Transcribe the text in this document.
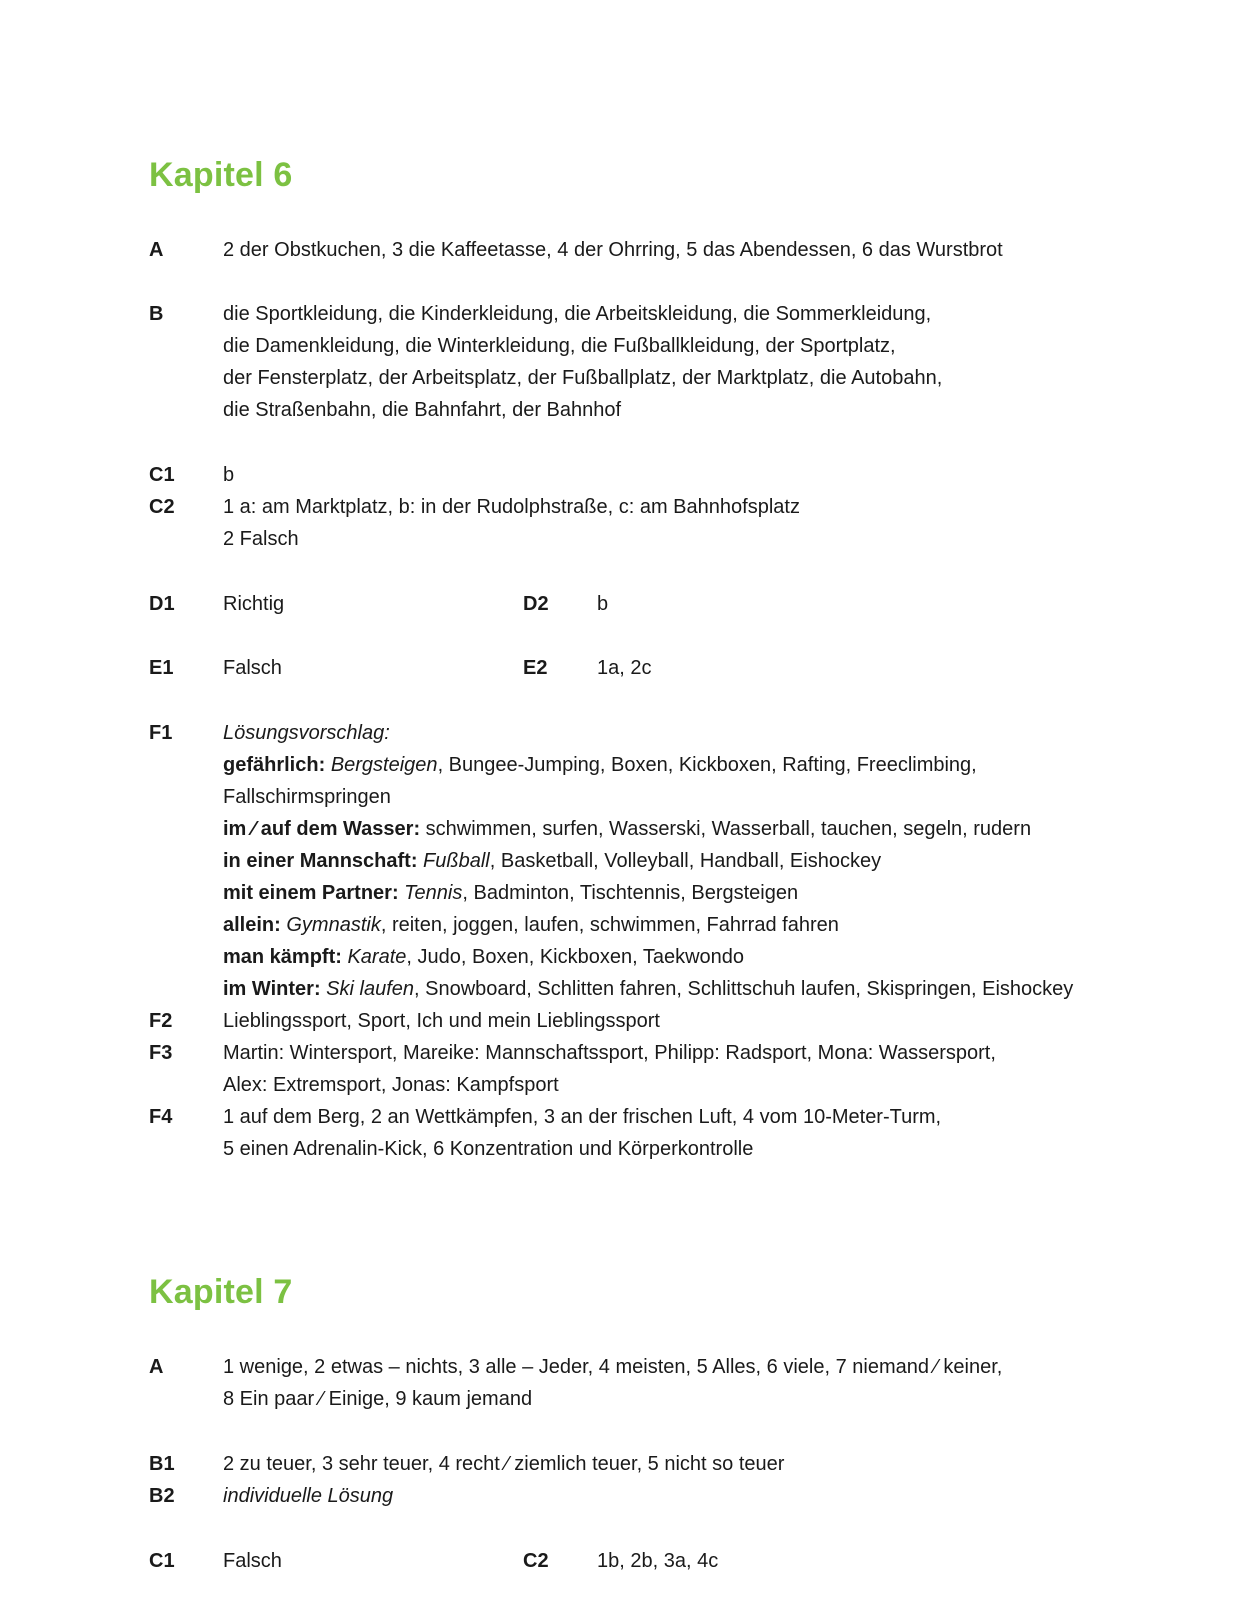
Kapitel 6
A	2 der Obstkuchen, 3 die Kaffeetasse, 4 der Ohrring, 5 das Abendessen, 6 das Wurstbrot
B	die Sportkleidung, die Kinderkleidung, die Arbeitskleidung, die Sommerkleidung,
die Damenkleidung, die Winterkleidung, die Fußballkleidung, der Sportplatz,
der Fensterplatz, der Arbeitsplatz, der Fußballplatz, der Marktplatz, die Autobahn,
die Straßenbahn, die Bahnfahrt, der Bahnhof
C1 b
C2 1 a: am Marktplatz, b: in der Rudolphstraße, c: am Bahnhofsplatz
2 Falsch
D1 Richtig	D2 b
E1 Falsch	E2 1a, 2c
F1	Lösungsvorschlag:
gefährlich: Bergsteigen, Bungee-Jumping, Boxen, Kickboxen, Rafting, Freeclimbing,
Fallschirmspringen
im ⁄ auf dem Wasser: schwimmen, surfen, Wasserski, Wasserball, tauchen, segeln, rudern
in einer Mannschaft: Fußball, Basketball, Volleyball, Handball, Eishockey
mit einem Partner: Tennis, Badminton, Tischtennis, Bergsteigen
allein: Gymnastik, reiten, joggen, laufen, schwimmen, Fahrrad fahren
man kämpft: Karate, Judo, Boxen, Kickboxen, Taekwondo
im Winter: Ski laufen, Snowboard, Schlitten fahren, Schlittschuh laufen, Skispringen, Eishockey
F2	Lieblingssport, Sport, Ich und mein Lieblingssport
F3	Martin: Wintersport, Mareike: Mannschaftssport, Philipp: Radsport, Mona: Wassersport,
Alex: Extremsport, Jonas: Kampfsport
F4	1 auf dem Berg, 2 an Wettkämpfen, 3 an der frischen Luft, 4 vom 10-Meter-Turm,
5 einen Adrenalin-Kick, 6 Konzentration und Körperkontrolle
Kapitel 7
A	1 wenige, 2 etwas – nichts, 3 alle – Jeder, 4 meisten, 5 Alles, 6 viele, 7 niemand ⁄ keiner,
8 Ein paar ⁄ Einige, 9 kaum jemand
B1 2 zu teuer, 3 sehr teuer, 4 recht ⁄ ziemlich teuer, 5 nicht so teuer
B2 individuelle Lösung
C1 Falsch	C2 1b, 2b, 3a, 4c
